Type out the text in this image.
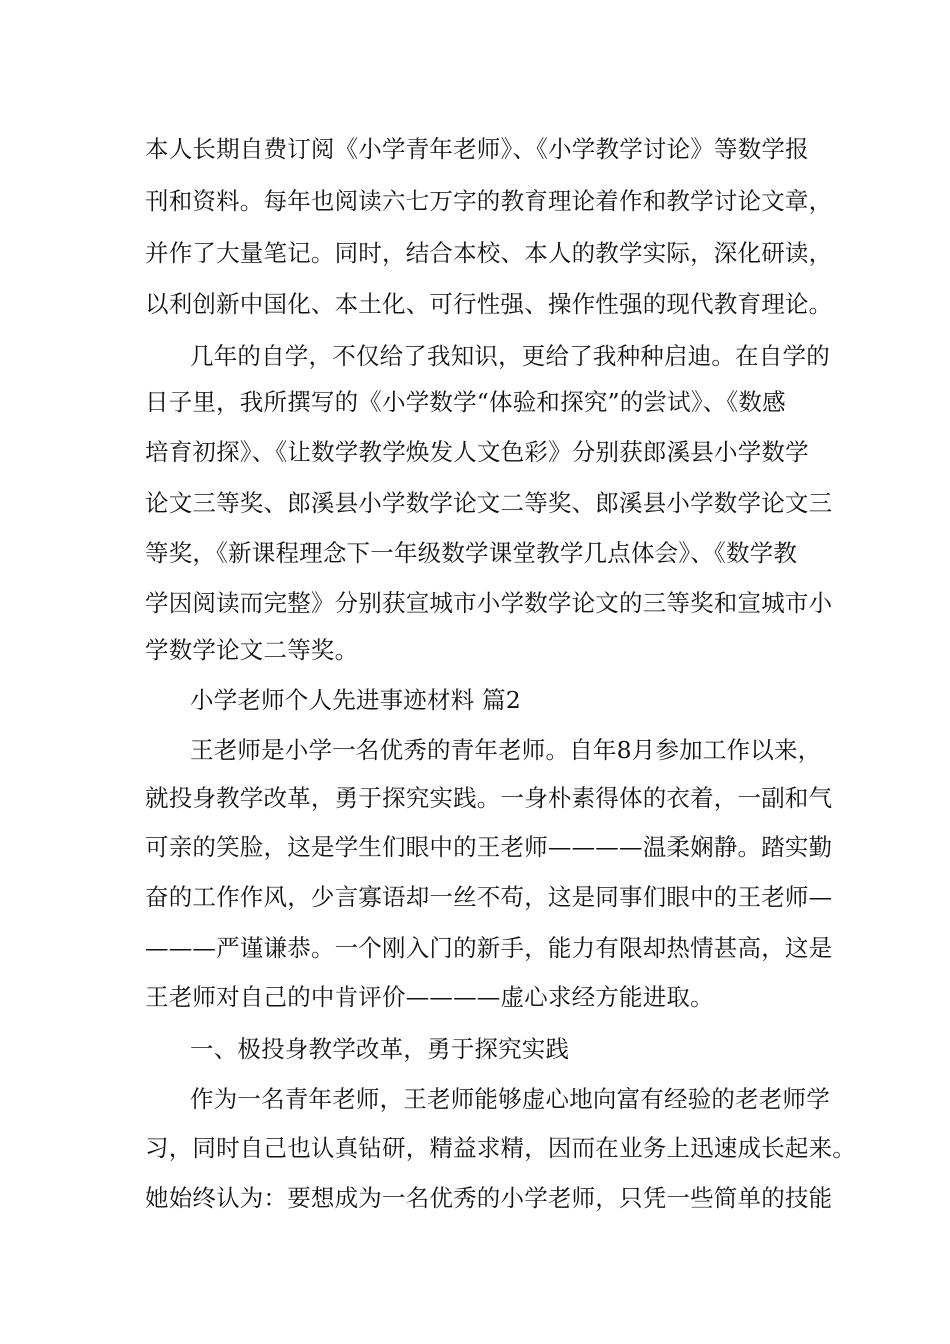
本人长期自费订阅《小学青年老师》、《小学教学讨论》等数学报
刊和资料。每年也阅读六七万字的教育理论着作和教学讨论文章，
并作了大量笔记。同时，结合本校、本人的教学实际，深化研读，
以利创新中国化、本土化、可行性强、操作性强的现代教育理论。
几年的自学，不仅给了我知识，更给了我种种启迪。在自学的
日子里，我所撰写的《小学数学“体验和探究”的尝试》、《数感
培育初探》、《让数学教学焕发人文色彩》分别获郎溪县小学数学
论文三等奖、郎溪县小学数学论文二等奖、郎溪县小学数学论文三
等奖，《新课程理念下一年级数学课堂教学几点体会》、《数学教
学因阅读而完整》分别获宣城市小学数学论文的三等奖和宣城市小
学数学论文二等奖。
小学老师个人先进事迹材料 篇2
王老师是小学一名优秀的青年老师。自年8月参加工作以来，
就投身教学改革，勇于探究实践。一身朴素得体的衣着，一副和气
可亲的笑脸，这是学生们眼中的王老师————温柔娴静。踏实勤
奋的工作作风，少言寡语却一丝不苟，这是同事们眼中的王老师—
———严谨谦恭。一个刚入门的新手，能力有限却热情甚高，这是
王老师对自己的中肯评价————虚心求经方能进取。
一、极投身教学改革，勇于探究实践
作为一名青年老师，王老师能够虚心地向富有经验的老老师学
习，同时自己也认真钻研，精益求精，因而在业务上迅速成长起来。
她始终认为：要想成为一名优秀的小学老师，只凭一些简单的技能
